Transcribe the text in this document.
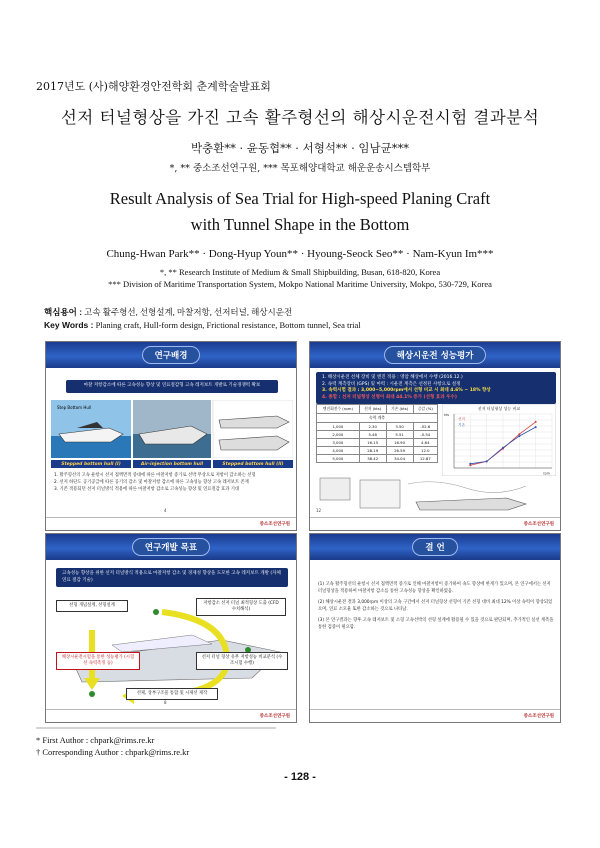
2017년도 (사)해양환경안전학회 춘계학술발표회
선저 터널형상을 가진 고속 활주형선의 해상시운전시험 결과분석
박충환** · 윤동협** · 서형석** · 임남균***
*, ** 중소조선연구원, *** 목포해양대학교 해운운송시스템학부
Result Analysis of Sea Trial for High-speed Planing Craft
with Tunnel Shape in the Bottom
Chung-Hwan Park** · Dong-Hyup Youn** · Hyoung-Seock Seo** · Nam-Kyun Im***
*, ** Research Institute of Medium & Small Shipbuilding, Busan, 618-820, Korea
*** Division of Maritime Transportation System, Mokpo National Maritime University, Mokpo, 530-729, Korea
핵심용어 : 고속 활주형선, 선형설계, 마찰저항, 선저터널, 해상시운전
Key Words : Planing craft, Hull-form design, Frictional resistance, Bottom tunnel, Sea trial
연구배경
마찰 저항감소에 따른 고속성능 향상 및 연료절감형 고속 레저보트 개발로 기술경쟁력 확보
Step Bottom Hull
Stepped bottom hull (I)	Air-injection bottom hull	Stepped bottom hull (II)
1. 활주형선의 고속 운항시 선저 접액면적 증대에 따른 마찰저항 증가로 선박 무상으로 저항이 감소하는 선형
2. 선저 하단도 공기공급에 따른 공기의 감소 및 마찰저항 감소에 따른 고속성능 향상 고속 레저보트 존재
3. 기존 적용되던 선저 터널방식 적용에 따른 마찰저항 감소로 고속성능 향상 및 연료절감 효과 기대
4
중소조선연구원
해상시운전 성능평가
1. 해상시운전 선체 장비 및 엔진 적용 : 영암 해상에서 수행 (2016.12.)
2. 속력 계측장비 (GPS) 및 마력 : 시운전 계측은 선정된 사항으로 설정
3. 속력시험 결과 : 3,000~5,000rpm에서 선형 비교 시 최대 4.6% ~ 18% 향상
4. 종합 : 선저 터널형상 선형이 최대 44.1% 증가 (선형 효과 우수)
엔진회전수 (rpm)	선저 (kts)	기존 (kts)	증감 (%)
속력 계측			
1,000	2.30	3.50	-52.6
2,000	5.48	5.51	-0.54
3,000	16.15	16.90	4.64
4,000	28.19	26.59	12.0
5,000	38.42	34.04	12.87
선저 터널형상 성능 비교
선저
기존
rpm
kts
12
중소조선연구원
연구개발 목표
고속성능 향상을 위한 선저 터널방식 적용으로 마찰저항 감소 및 경제성 향상을 도모한 고속 레저보트 개발 (자체연료 절감 기술)
선형 개념설계, 선형설계	저항감소 선저 터널 최적형상 도출 (CFD 수치해석)
해상시운전시험을 통한 성능평가 (시험선 속력측정 등)
선저 터널 형상 유무 저항성능 비교분석 (수조시험 수행)
선체, 상부구조물 통합 및 시제선 제작
8
중소조선연구원
결 언

(1) 고속 활주형선의 운항시 선저 접액면적 증가로 인해 마찰저항이 증가하여 속도 향상에 한계가 있으며, 본 연구에서는 선저 터널형상을 적용하여 마찰저항 감소를 통한 고속성능 향상을 확인하였음.

(2) 해상시운전 결과 3,000rpm 이상의 고속 구간에서 선저 터널형상 선형이 기존 선형 대비 최대 12% 이상 속력이 향상되었으며, 연료 소모율 또한 감소하는 것으로 나타남.

(3) 본 연구결과는 향후 고속 레저보트 및 소형 고속선박의 선형 설계에 활용될 수 있을 것으로 판단되며, 추가적인 실선 계측을 통한 검증이 필요함.

중소조선연구원
* First Author : chpark@rims.re.kr
† Corresponding Author : chpark@rims.re.kr
- 128 -
